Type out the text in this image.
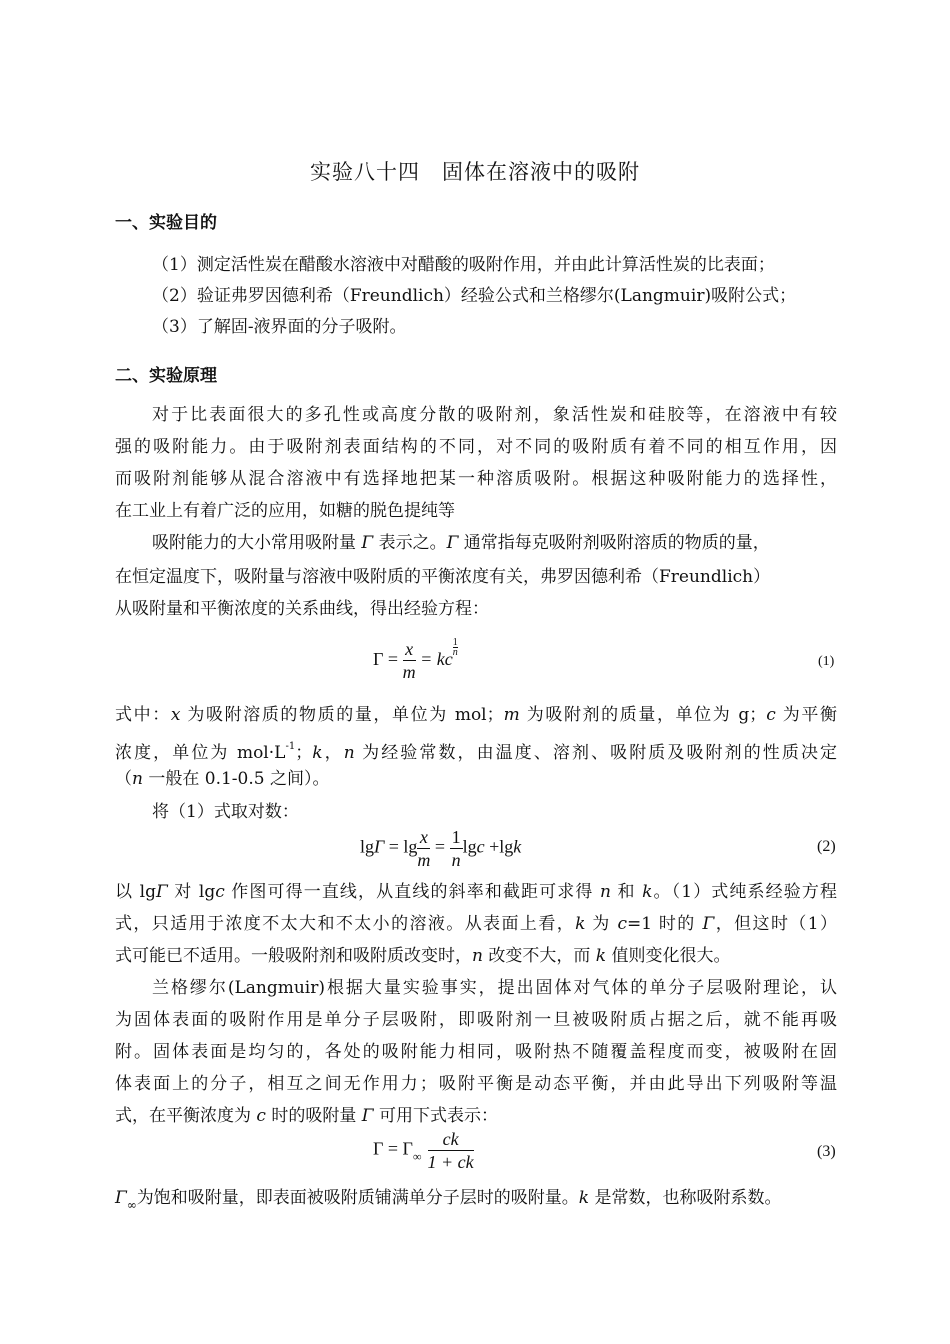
实验八十四　固体在溶液中的吸附
一、实验目的
（1）测定活性炭在醋酸水溶液中对醋酸的吸附作用，并由此计算活性炭的比表面；
（2）验证弗罗因德利希（Freundlich）经验公式和兰格缪尔(Langmuir)吸附公式；
（3）了解固-液界面的分子吸附。
二、实验原理
对于比表面很大的多孔性或高度分散的吸附剂，象活性炭和硅胶等，在溶液中有较
强的吸附能力。由于吸附剂表面结构的不同，对不同的吸附质有着不同的相互作用，因
而吸附剂能够从混合溶液中有选择地把某一种溶质吸附。根据这种吸附能力的选择性，
在工业上有着广泛的应用，如糖的脱色提纯等
吸附能力的大小常用吸附量 Γ 表示之。Γ 通常指每克吸附剂吸附溶质的物质的量，
在恒定温度下，吸附量与溶液中吸附质的平衡浓度有关，弗罗因德利希（Freundlich）
从吸附量和平衡浓度的关系曲线，得出经验方程：
$\Gamma = \frac{x}{m}$ = kc
$\frac{1}{n}$
(1)
式中：x 为吸附溶质的物质的量，单位为 mol；m 为吸附剂的质量，单位为 g；c 为平衡
浓度，单位为 $mol\cdot L^{-1}$；k，n 为经验常数，由温度、溶剂、吸附质及吸附剂的性质决定
（n 一般在 0.1-0.5 之间）。
将（1）式取对数：
$\lg\Gamma = \lg \frac{x}{m} = \frac{1}{n}$ lgc +lgk	(2)
以 lgΓ 对 lgc 作图可得一直线，从直线的斜率和截距可求得 n 和 k。（1）式纯系经验方程
式，只适用于浓度不太大和不太小的溶液。从表面上看，k 为 c=1 时的 Γ，但这时（1）
式可能已不适用。一般吸附剂和吸附质改变时，n 改变不大，而 k 值则变化很大。
兰格缪尔(Langmuir)根据大量实验事实，提出固体对气体的单分子层吸附理论，认
为固体表面的吸附作用是单分子层吸附，即吸附剂一旦被吸附质占据之后，就不能再吸
附。固体表面是均匀的，各处的吸附能力相同，吸附热不随覆盖程度而变，被吸附在固
体表面上的分子，相互之间无作用力；吸附平衡是动态平衡，并由此导出下列吸附等温
式，在平衡浓度为 c 时的吸附量 Γ 可用下式表示：
$\Gamma = \Gamma_\infty \frac{ck}{1 + ck}$	(3)
$\Gamma_\infty$为饱和吸附量，即表面被吸附质铺满单分子层时的吸附量。k 是常数，也称吸附系数。
